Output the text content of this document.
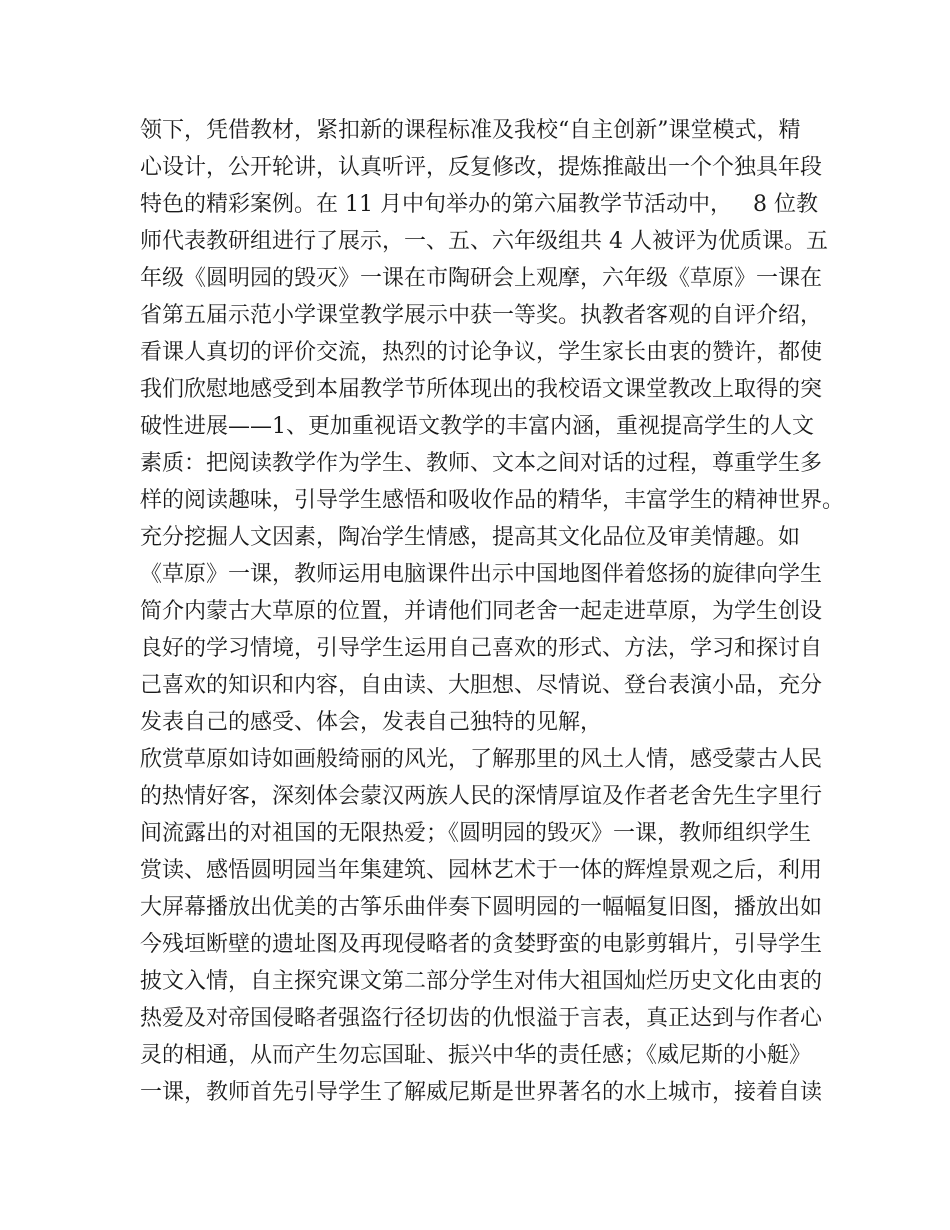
领下，凭借教材，紧扣新的课程标准及我校“自主创新”课堂模式，精
心设计，公开轮讲，认真听评，反复修改，提炼推敲出一个个独具年段
特色的精彩案例。在 11 月中旬举办的第六届教学节活动中，   8 位教
师代表教研组进行了展示，一、五、六年级组共 4 人被评为优质课。五
年级《圆明园的毁灭》一课在市陶研会上观摩，六年级《草原》一课在
省第五届示范小学课堂教学展示中获一等奖。执教者客观的自评介绍，
看课人真切的评价交流，热烈的讨论争议，学生家长由衷的赞许，都使
我们欣慰地感受到本届教学节所体现出的我校语文课堂教改上取得的突
破性进展——1、更加重视语文教学的丰富内涵，重视提高学生的人文
素质：把阅读教学作为学生、教师、文本之间对话的过程，尊重学生多
样的阅读趣味，引导学生感悟和吸收作品的精华，丰富学生的精神世界。
充分挖掘人文因素，陶冶学生情感，提高其文化品位及审美情趣。如
《草原》一课，教师运用电脑课件出示中国地图伴着悠扬的旋律向学生
简介内蒙古大草原的位置，并请他们同老舍一起走进草原，为学生创设
良好的学习情境，引导学生运用自己喜欢的形式、方法，学习和探讨自
己喜欢的知识和内容，自由读、大胆想、尽情说、登台表演小品，充分
发表自己的感受、体会，发表自己独特的见解，
欣赏草原如诗如画般绮丽的风光，了解那里的风土人情，感受蒙古人民
的热情好客，深刻体会蒙汉两族人民的深情厚谊及作者老舍先生字里行
间流露出的对祖国的无限热爱；《圆明园的毁灭》一课，教师组织学生
赏读、感悟圆明园当年集建筑、园林艺术于一体的辉煌景观之后，利用
大屏幕播放出优美的古筝乐曲伴奏下圆明园的一幅幅复旧图，播放出如
今残垣断壁的遗址图及再现侵略者的贪婪野蛮的电影剪辑片，引导学生
披文入情，自主探究课文第二部分学生对伟大祖国灿烂历史文化由衷的
热爱及对帝国侵略者强盗行径切齿的仇恨溢于言表，真正达到与作者心
灵的相通，从而产生勿忘国耻、振兴中华的责任感；《威尼斯的小艇》
一课，教师首先引导学生了解威尼斯是世界著名的水上城市，接着自读
